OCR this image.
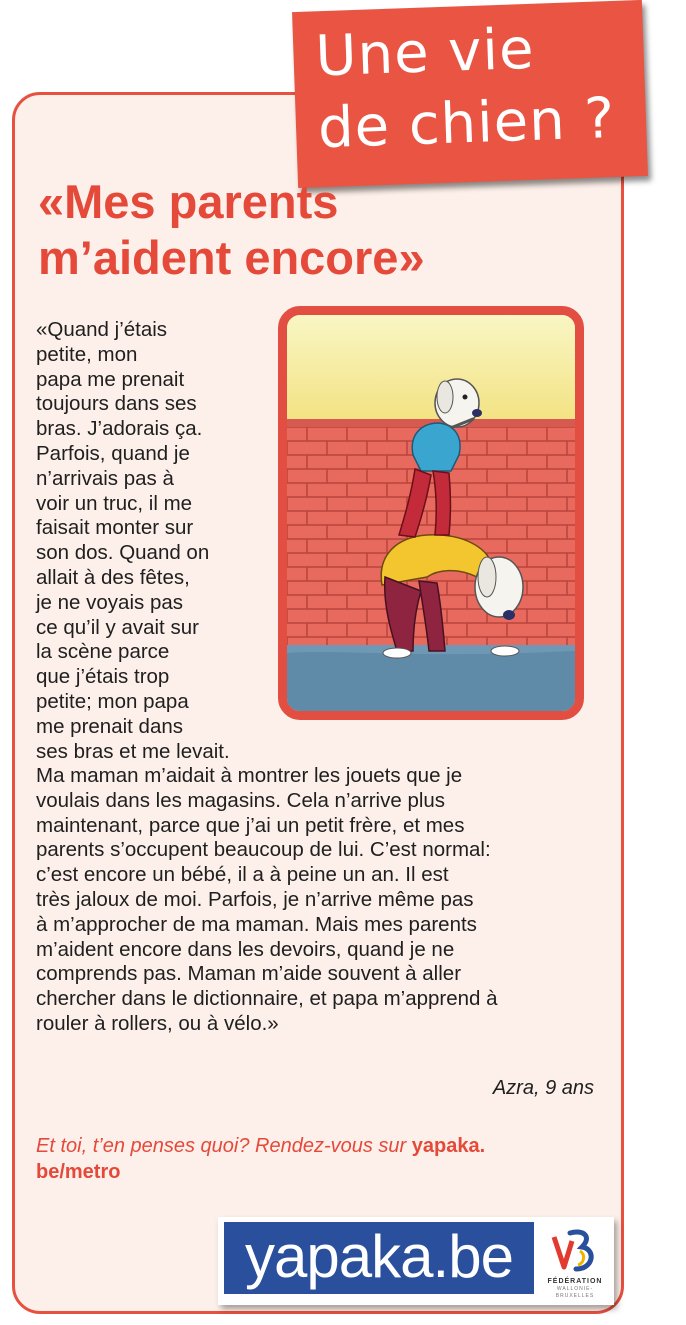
Une vie
de chien ?
«Mes parents
m’aident encore»
«Quand j’étais
petite, mon
papa me prenait
toujours dans ses
bras. J’adorais ça.
Parfois, quand je
n’arrivais pas à
voir un truc, il me
faisait monter sur
son dos. Quand on
allait à des fêtes,
je ne voyais pas
ce qu’il y avait sur
la scène parce
que j’étais trop
petite; mon papa
me prenait dans
ses bras et me levait.
Ma maman m’aidait à montrer les jouets que je
voulais dans les magasins. Cela n’arrive plus
maintenant, parce que j’ai un petit frère, et mes
parents s’occupent beaucoup de lui. C’est normal:
c’est encore un bébé, il a à peine un an. Il est
très jaloux de moi. Parfois, je n’arrive même pas
à m’approcher de ma maman. Mais mes parents
m’aident encore dans les devoirs, quand je ne
comprends pas. Maman m’aide souvent à aller
chercher dans le dictionnaire, et papa m’apprend à
rouler à rollers, ou à vélo.»
Azra, 9 ans
Et toi, t’en penses quoi? Rendez-vous sur yapaka.
be/metro
yapaka.be	FÉDÉRATION
WALLONIE-BRUXELLES
